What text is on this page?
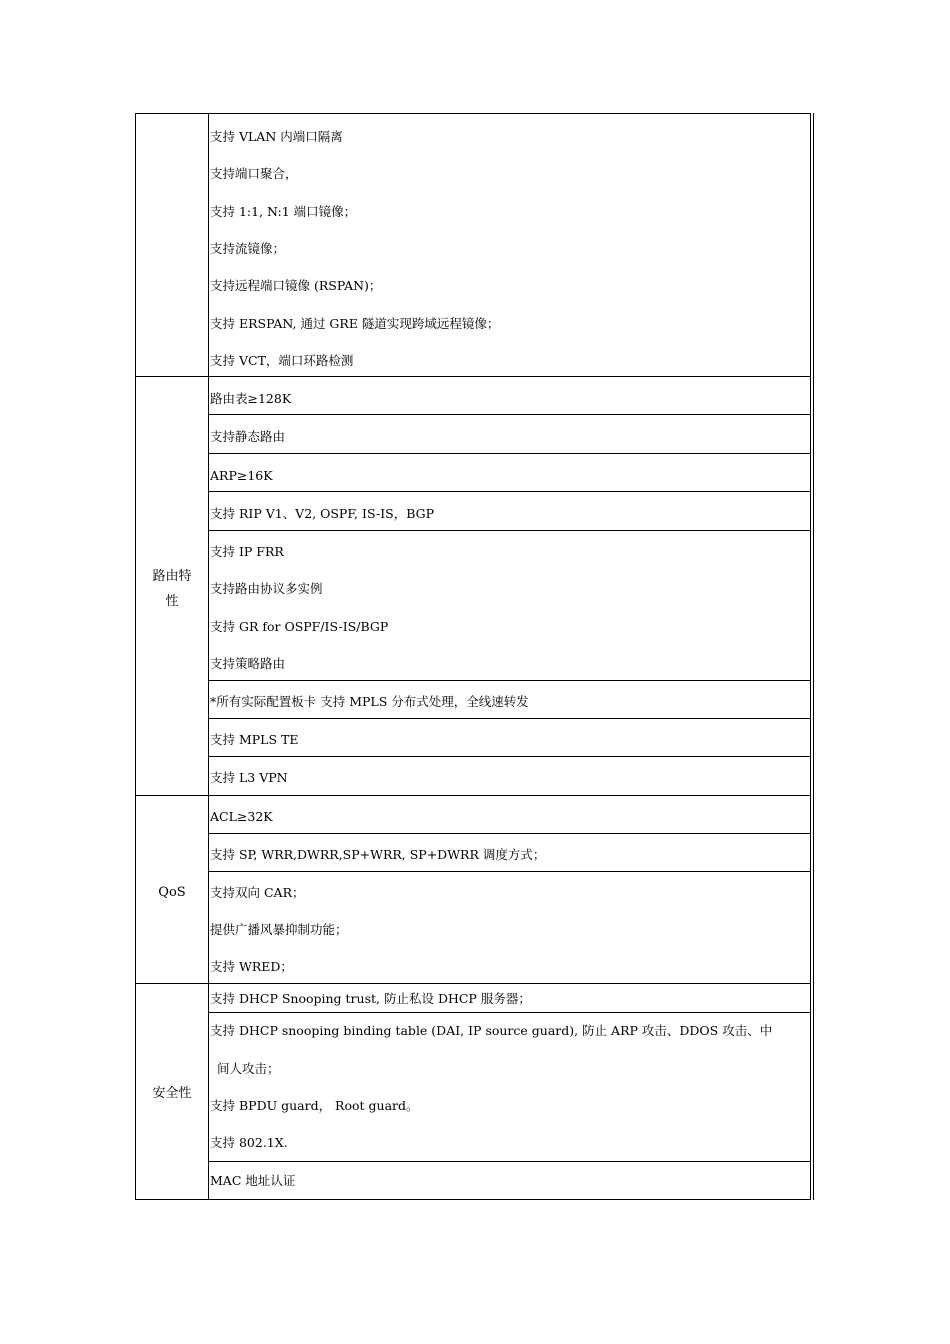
支持 VLAN 内端口隔离
支持端口聚合，
支持 1:1, N:1 端口镜像；
支持流镜像；
支持远程端口镜像 (RSPAN)；
支持 ERSPAN, 通过 GRE 隧道实现跨域远程镜像；
支持 VCT，端口环路检测
路由特
性
路由表≥128K
支持静态路由
ARP≥16K
支持 RIP V1、V2, OSPF, IS-IS，BGP
支持 IP FRR
支持路由协议多实例
支持 GR for OSPF/IS-IS/BGP
支持策略路由
*所有实际配置板卡 支持 MPLS 分布式处理，全线速转发
支持 MPLS TE
支持 L3 VPN
QoS
ACL≥32K
支持 SP, WRR,DWRR,SP+WRR, SP+DWRR 调度方式；
支持双向 CAR；
提供广播风暴抑制功能；
支持 WRED；
安全性
支持 DHCP Snooping trust, 防止私设 DHCP 服务器；
支持 DHCP snooping binding table (DAI, IP source guard), 防止 ARP 攻击、DDOS 攻击、中
间人攻击；
支持 BPDU guard， Root guard。
支持 802.1X.
MAC 地址认证
